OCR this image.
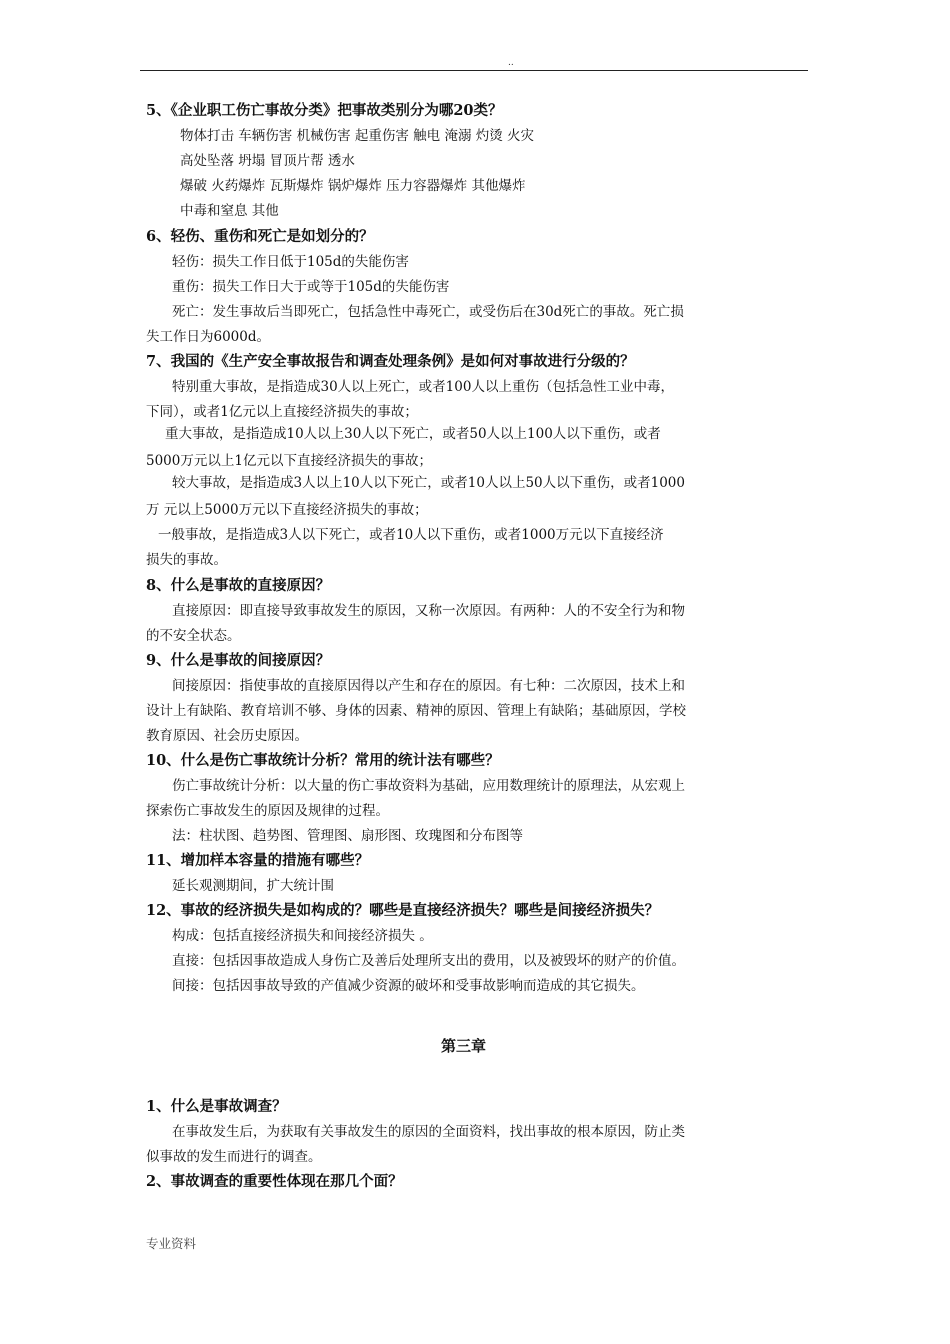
..
5、《企业职工伤亡事故分类》把事故类别分为哪20类？
物体打击 车辆伤害 机械伤害 起重伤害 触电 淹溺 灼烫 火灾
高处坠落 坍塌 冒顶片帮 透水
爆破 火药爆炸 瓦斯爆炸 锅炉爆炸 压力容器爆炸 其他爆炸
中毒和窒息 其他
6、轻伤、重伤和死亡是如划分的？
轻伤：损失工作日低于105d的失能伤害
重伤：损失工作日大于或等于105d的失能伤害
死亡：发生事故后当即死亡，包括急性中毒死亡，或受伤后在30d死亡的事故。死亡损
失工作日为6000d。
7、我国的《生产安全事故报告和调查处理条例》是如何对事故进行分级的？
特别重大事故，是指造成30人以上死亡，或者100人以上重伤（包括急性工业中毒，
下同），或者1亿元以上直接经济损失的事故；
重大事故，是指造成10人以上30人以下死亡，或者50人以上100人以下重伤，或者
5000万元以上1亿元以下直接经济损失的事故；
较大事故，是指造成3人以上10人以下死亡，或者10人以上50人以下重伤，或者1000
万 元以上5000万元以下直接经济损失的事故；
一般事故，是指造成3人以下死亡，或者10人以下重伤，或者1000万元以下直接经济
损失的事故。
8、什么是事故的直接原因？
直接原因：即直接导致事故发生的原因，又称一次原因。有两种：人的不安全行为和物
的不安全状态。
9、什么是事故的间接原因？
间接原因：指使事故的直接原因得以产生和存在的原因。有七种：二次原因，技术上和
设计上有缺陷、教育培训不够、身体的因素、精神的原因、管理上有缺陷；基础原因，学校
教育原因、社会历史原因。
10、什么是伤亡事故统计分析？常用的统计法有哪些？
伤亡事故统计分析：以大量的伤亡事故资料为基础，应用数理统计的原理法，从宏观上
探索伤亡事故发生的原因及规律的过程。
法：柱状图、趋势图、管理图、扇形图、玫瑰图和分布图等
11、增加样本容量的措施有哪些？
延长观测期间，扩大统计围
12、事故的经济损失是如构成的？哪些是直接经济损失？哪些是间接经济损失？
构成：包括直接经济损失和间接经济损失 。
直接：包括因事故造成人身伤亡及善后处理所支出的费用，以及被毁坏的财产的价值。
间接：包括因事故导致的产值减少资源的破坏和受事故影响而造成的其它损失。
第三章
1、什么是事故调查？
在事故发生后，为获取有关事故发生的原因的全面资料，找出事故的根本原因，防止类
似事故的发生而进行的调查。
2、事故调查的重要性体现在那几个面？
专业资料
